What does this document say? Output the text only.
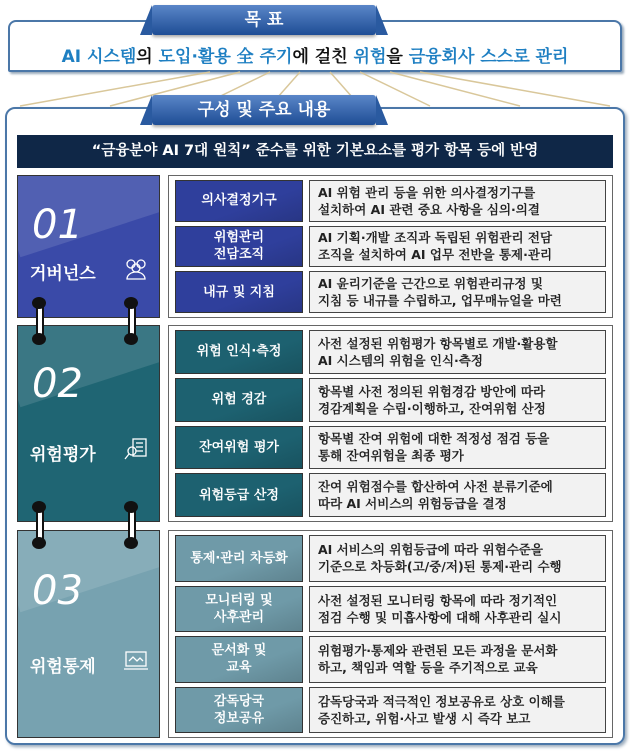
AI 시스템의 도입·활용 全 주기에 걸친 위험을 금융회사 스스로 관리
목 표
구성 및 주요 내용
“금융분야 AI 7대 원칙” 준수를 위한 기본요소를 평가 항목 등에 반영
01
거버넌스
의사결정기구
AI 위험 관리 등을 위한 의사결정기구를
설치하여 AI 관련 중요 사항을 심의·의결
위험관리
전담조직
AI 기획·개발 조직과 독립된 위험관리 전담
조직을 설치하여 AI 업무 전반을 통제·관리
내규 및 지침
AI 윤리기준을 근간으로 위험관리규정 및
지침 등 내규를 수립하고, 업무매뉴얼을 마련
02
위험평가
위험 인식·측정
사전 설정된 위험평가 항목별로 개발·활용할
AI 시스템의 위험을 인식·측정
위험 경감
항목별 사전 정의된 위험경감 방안에 따라
경감계획을 수립·이행하고, 잔여위험 산정
잔여위험 평가
항목별 잔여 위험에 대한 적정성 점검 등을
통해 잔여위험을 최종 평가
위험등급 산정
잔여 위험점수를 합산하여 사전 분류기준에
따라 AI 서비스의 위험등급을 결정
03
위험통제
통제·관리 차등화
AI 서비스의 위험등급에 따라 위험수준을
기준으로 차등화(고/중/저)된 통제·관리 수행
모니터링 및
사후관리
사전 설정된 모니터링 항목에 따라 정기적인
점검 수행 및 미흡사항에 대해 사후관리 실시
문서화 및
교육
위험평가·통제와 관련된 모든 과정을 문서화
하고, 책임과 역할 등을 주기적으로 교육
감독당국
정보공유
감독당국과 적극적인 정보공유로 상호 이해를
증진하고, 위험·사고 발생 시 즉각 보고
